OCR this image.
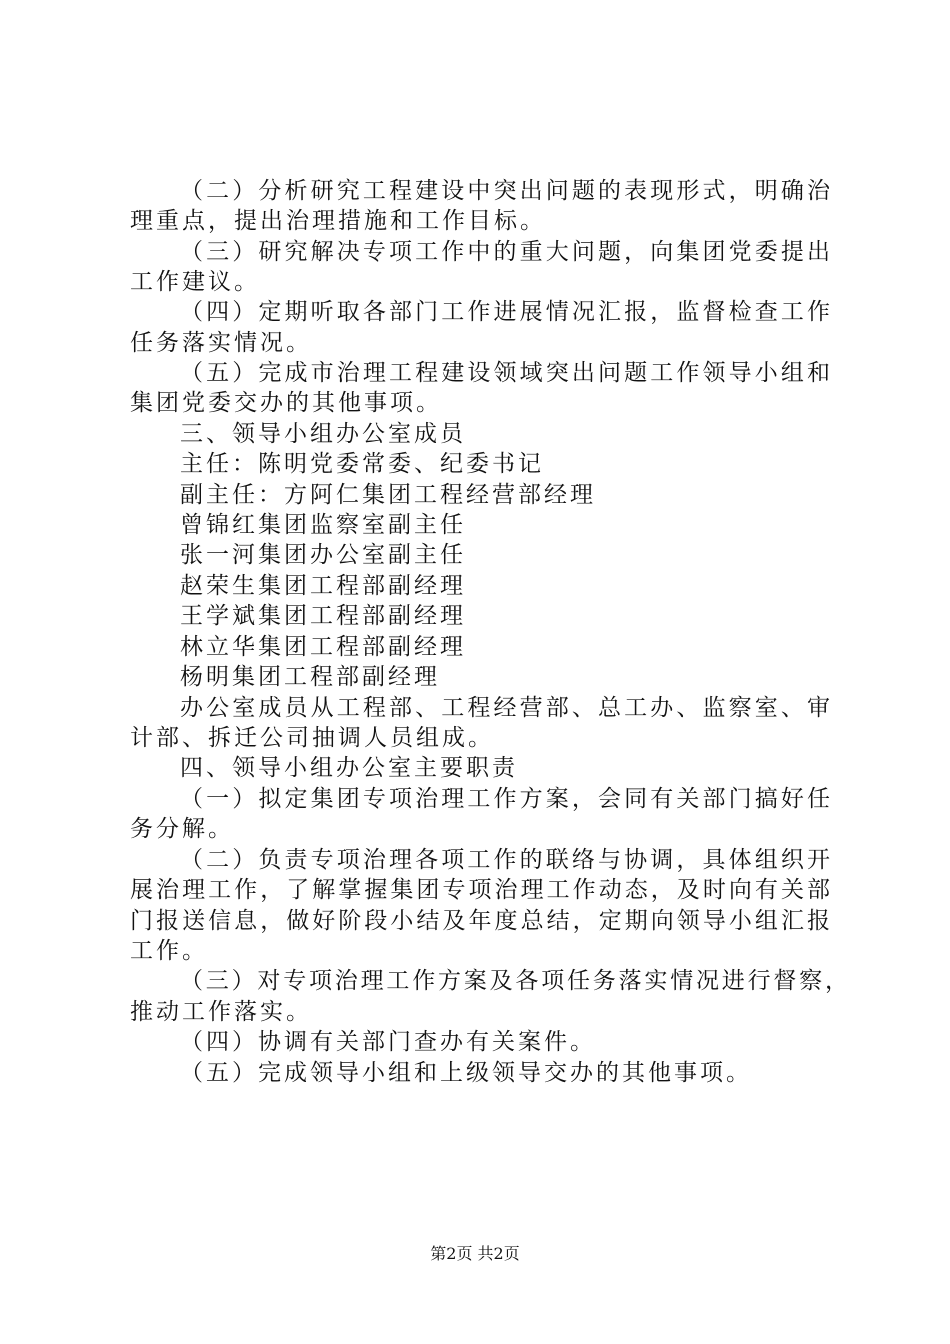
（二）分析研究工程建设中突出问题的表现形式，明确治
理重点，提出治理措施和工作目标。
（三）研究解决专项工作中的重大问题，向集团党委提出
工作建议。
（四）定期听取各部门工作进展情况汇报，监督检查工作
任务落实情况。
（五）完成市治理工程建设领域突出问题工作领导小组和
集团党委交办的其他事项。
三、领导小组办公室成员
主任：陈明党委常委、纪委书记
副主任：方阿仁集团工程经营部经理
曾锦红集团监察室副主任
张一河集团办公室副主任
赵荣生集团工程部副经理
王学斌集团工程部副经理
林立华集团工程部副经理
杨明集团工程部副经理
办公室成员从工程部、工程经营部、总工办、监察室、审
计部、拆迁公司抽调人员组成。
四、领导小组办公室主要职责
（一）拟定集团专项治理工作方案，会同有关部门搞好任
务分解。
（二）负责专项治理各项工作的联络与协调，具体组织开
展治理工作，了解掌握集团专项治理工作动态，及时向有关部
门报送信息，做好阶段小结及年度总结，定期向领导小组汇报
工作。
（三）对专项治理工作方案及各项任务落实情况进行督察，
推动工作落实。
（四）协调有关部门查办有关案件。
（五）完成领导小组和上级领导交办的其他事项。
第2页 共2页
